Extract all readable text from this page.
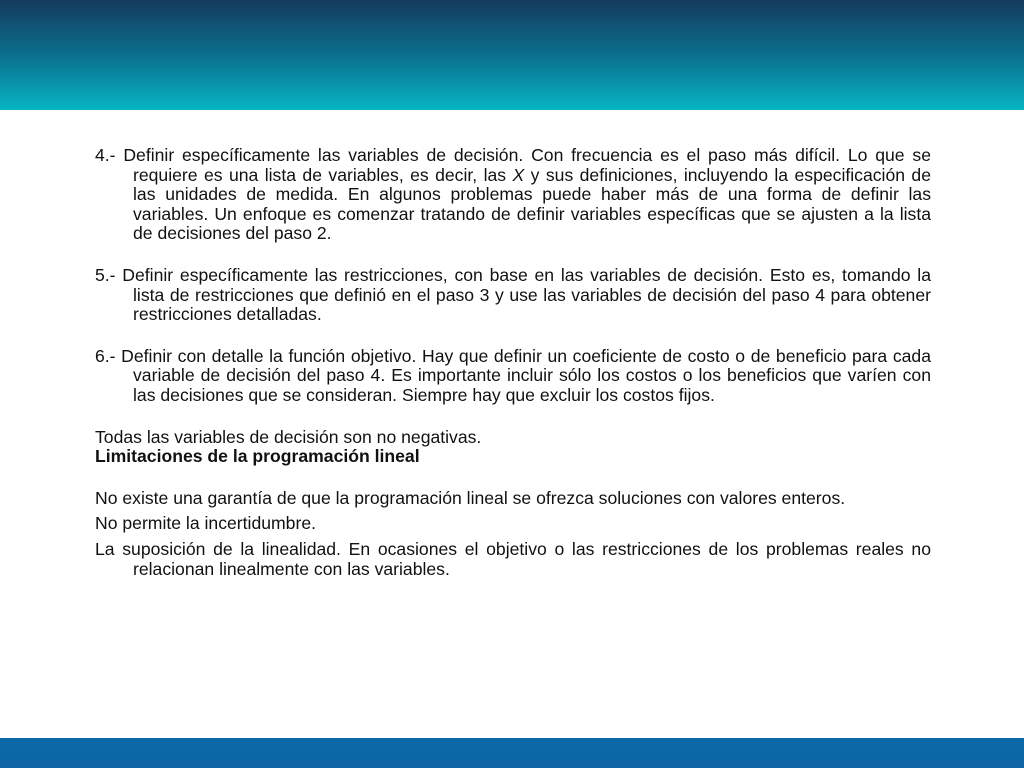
4.- Definir específicamente las variables de decisión. Con frecuencia es el paso más difícil. Lo que se requiere es una lista de variables, es decir, las X y sus definiciones, incluyendo la especificación de las unidades de medida. En algunos problemas puede haber más de una forma de definir las variables. Un enfoque es comenzar tratando de definir variables específicas que se ajusten a la lista de decisiones del paso 2.

5.- Definir específicamente las restricciones, con base en las variables de decisión. Esto es, tomando la lista de restricciones que definió en el paso 3 y use las variables de decisión del paso 4 para obtener restricciones detalladas.

6.- Definir con detalle la función objetivo. Hay que definir un coeficiente de costo o de beneficio para cada variable de decisión del paso 4. Es importante incluir sólo los costos o los beneficios que varíen con las decisiones que se consideran. Siempre hay que excluir los costos fijos.

Todas las variables de decisión son no negativas.

Limitaciones de la programación lineal

No existe una garantía de que la programación lineal se ofrezca soluciones con valores enteros.

No permite la incertidumbre.

La suposición de la linealidad. En ocasiones el objetivo o las restricciones de los problemas reales no relacionan linealmente con las variables.
